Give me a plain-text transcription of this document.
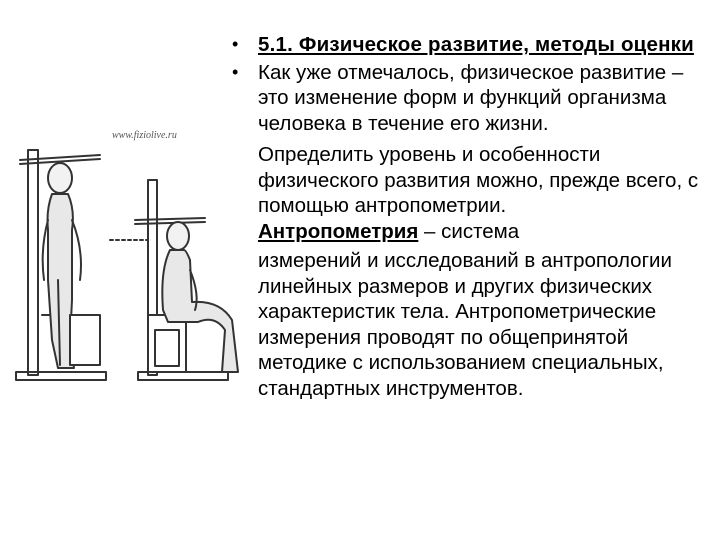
www.fiziolive.ru
• 5.1. Физическое развитие, методы оценки

• Как уже отмечалось, физическое развитие – это изменение форм и функций организма человека в течение его жизни.

Определить уровень и особенности физического развития можно, прежде всего, с помощью антропометрии.

Антропометрия – система

измерений и исследований в антропологии линейных размеров и других физических характеристик тела. Антропометрические измерения проводят по общепринятой методике с использованием специальных, стандартных инструментов.
